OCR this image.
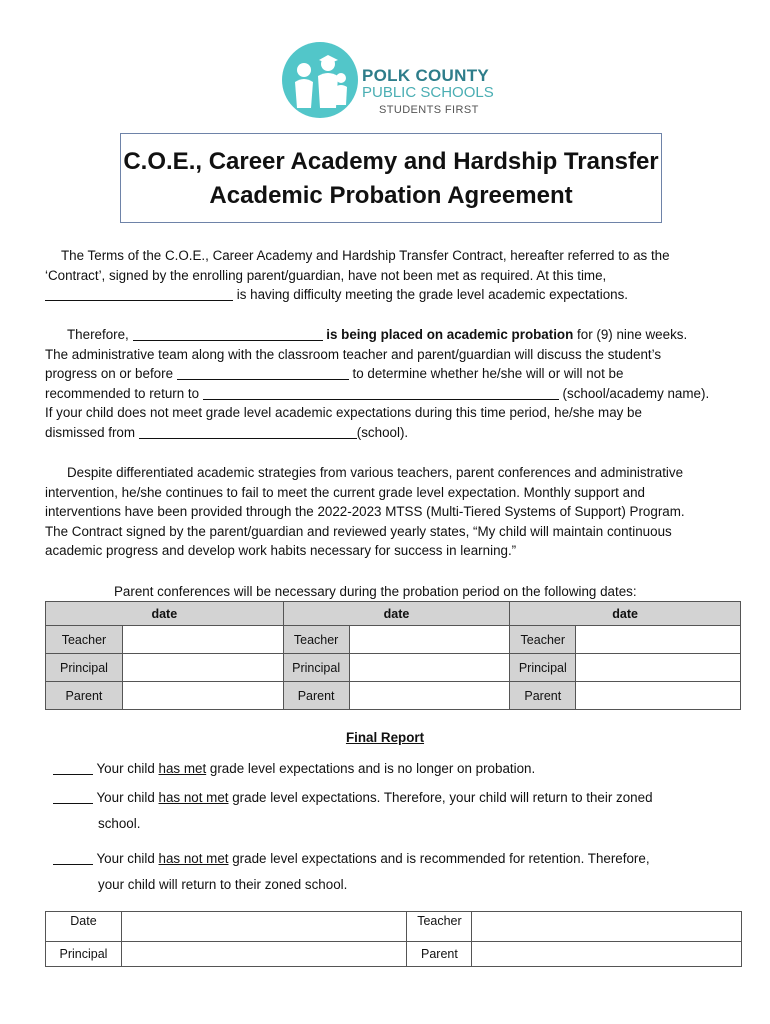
POLK COUNTY
PUBLIC SCHOOLS
STUDENTS FIRST
C.O.E., Career Academy and Hardship Transfer
Academic Probation Agreement
The Terms of the C.O.E., Career Academy and Hardship Transfer Contract, hereafter referred to as the
‘Contract’, signed by the enrolling parent/guardian, have not been met as required. At this time,
is having difficulty meeting the grade level academic expectations.
Therefore,	is being placed on academic probation for (9) nine weeks.
The administrative team along with the classroom teacher and parent/guardian will discuss the student’s
progress on or before	to determine whether he/she will or will not be
recommended to return to	(school/academy name).
If your child does not meet grade level academic expectations during this time period, he/she may be
dismissed from	(school).
Despite differentiated academic strategies from various teachers, parent conferences and administrative
intervention, he/she continues to fail to meet the current grade level expectation. Monthly support and
interventions have been provided through the 2022-2023 MTSS (Multi-Tiered Systems of Support) Program.
The Contract signed by the parent/guardian and reviewed yearly states, “My child will maintain continuous
academic progress and develop work habits necessary for success in learning.”
Parent conferences will be necessary during the probation period on the following dates:
date		date		date	
Teacher		Teacher		Teacher	
Principal		Principal		Principal	
Parent		Parent		Parent	
Final Report
Your child has met grade level expectations and is no longer on probation.
Your child has not met grade level expectations. Therefore, your child will return to their zoned
school.
Your child has not met grade level expectations and is recommended for retention. Therefore,
your child will return to their zoned school.
Date		Teacher	
Principal		Parent	
